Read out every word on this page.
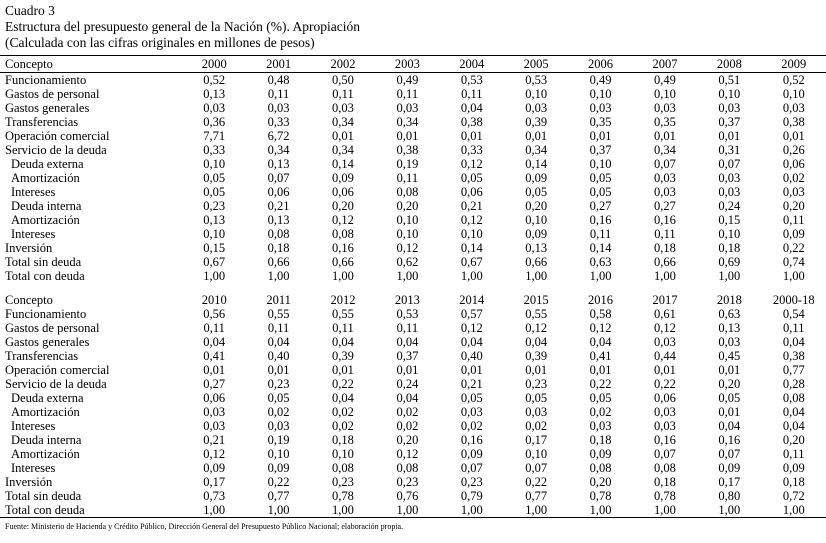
Cuadro 3
Estructura del presupuesto general de la Nación (%). Apropiación
(Calculada con las cifras originales en millones de pesos)
Concepto	2000	2001	2002	2003	2004	2005	2006	2007	2008	2009
Funcionamiento	0,52	0,48	0,50	0,49	0,53	0,53	0,49	0,49	0,51	0,52
Gastos de personal	0,13	0,11	0,11	0,11	0,11	0,10	0,10	0,10	0,10	0,10
Gastos generales	0,03	0,03	0,03	0,03	0,04	0,03	0,03	0,03	0,03	0,03
Transferencias	0,36	0,33	0,34	0,34	0,38	0,39	0,35	0,35	0,37	0,38
Operación comercial	7,71	6,72	0,01	0,01	0,01	0,01	0,01	0,01	0,01	0,01
Servicio de la deuda	0,33	0,34	0,34	0,38	0,33	0,34	0,37	0,34	0,31	0,26
Deuda externa	0,10	0,13	0,14	0,19	0,12	0,14	0,10	0,07	0,07	0,06
Amortización	0,05	0,07	0,09	0,11	0,05	0,09	0,05	0,03	0,03	0,02
Intereses	0,05	0,06	0,06	0,08	0,06	0,05	0,05	0,03	0,03	0,03
Deuda interna	0,23	0,21	0,20	0,20	0,21	0,20	0,27	0,27	0,24	0,20
Amortización	0,13	0,13	0,12	0,10	0,12	0,10	0,16	0,16	0,15	0,11
Intereses	0,10	0,08	0,08	0,10	0,10	0,09	0,11	0,11	0,10	0,09
Inversión	0,15	0,18	0,16	0,12	0,14	0,13	0,14	0,18	0,18	0,22
Total sin deuda	0,67	0,66	0,66	0,62	0,67	0,66	0,63	0,66	0,69	0,74
Total con deuda	1,00	1,00	1,00	1,00	1,00	1,00	1,00	1,00	1,00	1,00
Concepto	2010	2011	2012	2013	2014	2015	2016	2017	2018	2000-18
Funcionamiento	0,56	0,55	0,55	0,53	0,57	0,55	0,58	0,61	0,63	0,54
Gastos de personal	0,11	0,11	0,11	0,11	0,12	0,12	0,12	0,12	0,13	0,11
Gastos generales	0,04	0,04	0,04	0,04	0,04	0,04	0,04	0,03	0,03	0,04
Transferencias	0,41	0,40	0,39	0,37	0,40	0,39	0,41	0,44	0,45	0,38
Operación comercial	0,01	0,01	0,01	0,01	0,01	0,01	0,01	0,01	0,01	0,77
Servicio de la deuda	0,27	0,23	0,22	0,24	0,21	0,23	0,22	0,22	0,20	0,28
Deuda externa	0,06	0,05	0,04	0,04	0,05	0,05	0,05	0,06	0,05	0,08
Amortización	0,03	0,02	0,02	0,02	0,03	0,03	0,02	0,03	0,01	0,04
Intereses	0,03	0,03	0,02	0,02	0,02	0,02	0,03	0,03	0,04	0,04
Deuda interna	0,21	0,19	0,18	0,20	0,16	0,17	0,18	0,16	0,16	0,20
Amortización	0,12	0,10	0,10	0,12	0,09	0,10	0,09	0,07	0,07	0,11
Intereses	0,09	0,09	0,08	0,08	0,07	0,07	0,08	0,08	0,09	0,09
Inversión	0,17	0,22	0,23	0,23	0,23	0,22	0,20	0,18	0,17	0,18
Total sin deuda	0,73	0,77	0,78	0,76	0,79	0,77	0,78	0,78	0,80	0,72
Total con deuda	1,00	1,00	1,00	1,00	1,00	1,00	1,00	1,00	1,00	1,00
Fuente: Ministerio de Hacienda y Crédito Público, Dirección General del Presupuesto Público Nacional; elaboración propia.
